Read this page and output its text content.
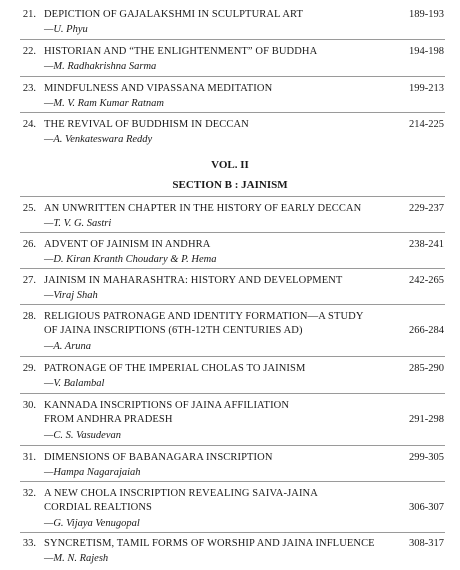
21. DEPICTION OF GAJALAKSHMI IN SCULPTURAL ART
—U. Phyu
189-193
22. HISTORIAN AND “THE ENLIGHTENMENT” OF BUDDHA
—M. Radhakrishna Sarma
194-198
23. MINDFULNESS AND VIPASSANA MEDITATION
—M. V. Ram Kumar Ratnam
199-213
24. THE REVIVAL OF BUDDHISM IN DECCAN
—A. Venkateswara Reddy
214-225
VOL. II
SECTION B : JAINISM
25. AN UNWRITTEN CHAPTER IN THE HISTORY OF EARLY DECCAN
—T. V. G. Sastri
229-237
26. ADVENT OF JAINISM IN ANDHRA
—D. Kiran Kranth Choudary & P. Hema
238-241
27. JAINISM IN MAHARASHTRA: HISTORY AND DEVELOPMENT
—Viraj Shah
242-265
28. RELIGIOUS PATRONAGE AND IDENTITY FORMATION—A STUDY
OF JAINA INSCRIPTIONS (6TH-12TH CENTURIES AD)
—A. Aruna
266-284
29. PATRONAGE OF THE IMPERIAL CHOLAS TO JAINISM
—V. Balambal
285-290
30. KANNADA INSCRIPTIONS OF JAINA AFFILIATION
FROM ANDHRA PRADESH
—C. S. Vasudevan
291-298
31. DIMENSIONS OF BABANAGARA INSCRIPTION
—Hampa Nagarajaiah
299-305
32. A NEW CHOLA INSCRIPTION REVEALING SAIVA-JAINA
CORDIAL REALTIONS
—G. Vijaya Venugopal
306-307
33. SYNCRETISM, TAMIL FORMS OF WORSHIP AND JAINA INFLUENCE
—M. N. Rajesh
308-317
